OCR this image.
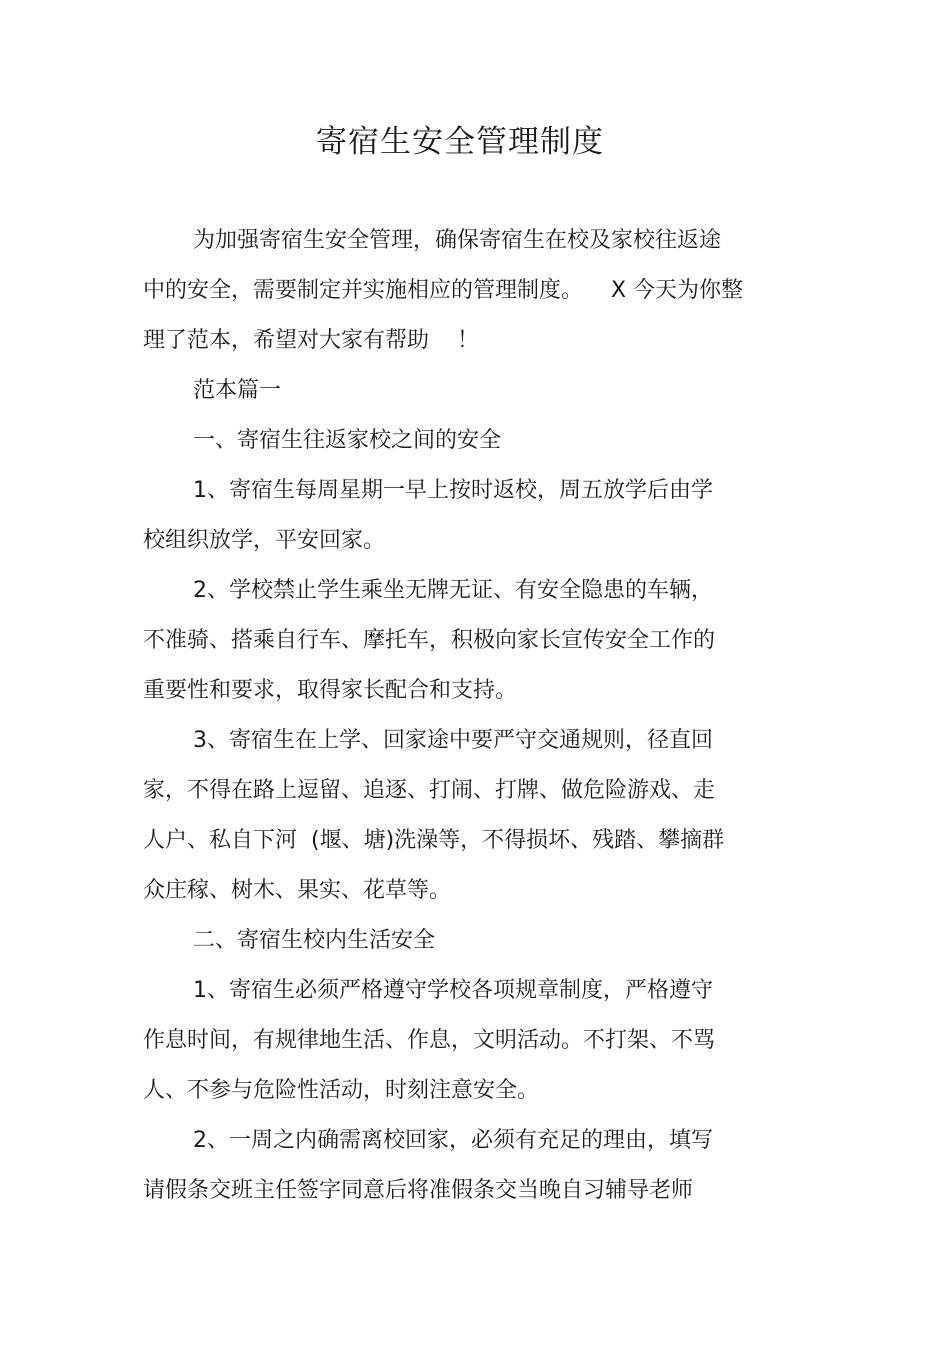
寄宿生安全管理制度

为加强寄宿生安全管理，确保寄宿生在校及家校往返途

中的安全，需要制定并实施相应的管理制度。    X 今天为你整

理了范本，希望对大家有帮助    ！

范本篇一

一、寄宿生往返家校之间的安全

1、寄宿生每周星期一早上按时返校，周五放学后由学

校组织放学，平安回家。

2、学校禁止学生乘坐无牌无证、有安全隐患的车辆，

不准骑、搭乘自行车、摩托车，积极向家长宣传安全工作的

重要性和要求，取得家长配合和支持。

3、寄宿生在上学、回家途中要严守交通规则，径直回

家，不得在路上逗留、追逐、打闹、打牌、做危险游戏、走

人户、私自下河  (堰、塘)洗澡等，不得损坏、残踏、攀摘群

众庄稼、树木、果实、花草等。

二、寄宿生校内生活安全

1、寄宿生必须严格遵守学校各项规章制度，严格遵守

作息时间，有规律地生活、作息，文明活动。不打架、不骂

人、不参与危险性活动，时刻注意安全。

2、一周之内确需离校回家，必须有充足的理由，填写

请假条交班主任签字同意后将准假条交当晚自习辅导老师
